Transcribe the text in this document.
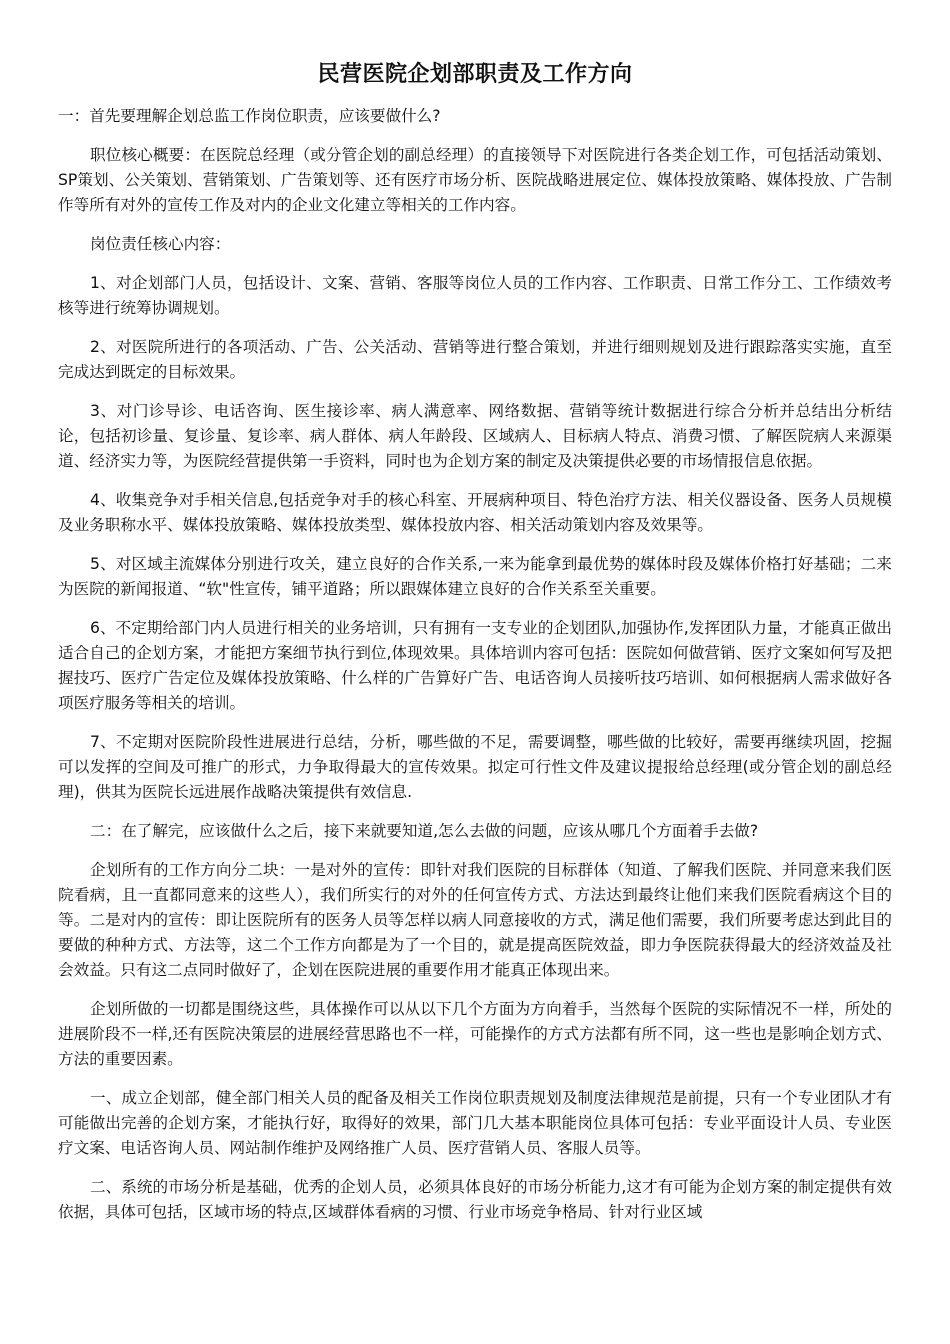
民营医院企划部职责及工作方向

一：首先要理解企划总监工作岗位职责，应该要做什么?

职位核心概要：在医院总经理（或分管企划的副总经理）的直接领导下对医院进行各类企划工作，可包括活动策划、SP策划、公关策划、营销策划、广告策划等、还有医疗市场分析、医院战略进展定位、媒体投放策略、媒体投放、广告制作等所有对外的宣传工作及对内的企业文化建立等相关的工作内容。

岗位责任核心内容：

1、对企划部门人员，包括设计、文案、营销、客服等岗位人员的工作内容、工作职责、日常工作分工、工作绩效考核等进行统筹协调规划。

2、对医院所进行的各项活动、广告、公关活动、营销等进行整合策划，并进行细则规划及进行跟踪落实实施，直至完成达到既定的目标效果。

3、对门诊导诊、电话咨询、医生接诊率、病人满意率、网络数据、营销等统计数据进行综合分析并总结出分析结论，包括初诊量、复诊量、复诊率、病人群体、病人年龄段、区域病人、目标病人特点、消费习惯、了解医院病人来源渠道、经济实力等，为医院经营提供第一手资料，同时也为企划方案的制定及决策提供必要的市场情报信息依据。

4、收集竞争对手相关信息,包括竞争对手的核心科室、开展病种项目、特色治疗方法、相关仪器设备、医务人员规模及业务职称水平、媒体投放策略、媒体投放类型、媒体投放内容、相关活动策划内容及效果等。

5、对区域主流媒体分别进行攻关，建立良好的合作关系,一来为能拿到最优势的媒体时段及媒体价格打好基础；二来为医院的新闻报道、“软"性宣传，铺平道路；所以跟媒体建立良好的合作关系至关重要。

6、不定期给部门内人员进行相关的业务培训，只有拥有一支专业的企划团队,加强协作,发挥团队力量，才能真正做出适合自己的企划方案，才能把方案细节执行到位,体现效果。具体培训内容可包括：医院如何做营销、医疗文案如何写及把握技巧、医疗广告定位及媒体投放策略、什么样的广告算好广告、电话咨询人员接听技巧培训、如何根据病人需求做好各项医疗服务等相关的培训。

7、不定期对医院阶段性进展进行总结，分析，哪些做的不足，需要调整，哪些做的比较好，需要再继续巩固，挖掘可以发挥的空间及可推广的形式，力争取得最大的宣传效果。拟定可行性文件及建议提报给总经理(或分管企划的副总经理)，供其为医院长远进展作战略决策提供有效信息.

二：在了解完，应该做什么之后，接下来就要知道,怎么去做的问题，应该从哪几个方面着手去做?

企划所有的工作方向分二块：一是对外的宣传：即针对我们医院的目标群体（知道、了解我们医院、并同意来我们医院看病，且一直都同意来的这些人），我们所实行的对外的任何宣传方式、方法达到最终让他们来我们医院看病这个目的等。二是对内的宣传：即让医院所有的医务人员等怎样以病人同意接收的方式，满足他们需要，我们所要考虑达到此目的要做的种种方式、方法等，这二个工作方向都是为了一个目的，就是提高医院效益，即力争医院获得最大的经济效益及社会效益。只有这二点同时做好了，企划在医院进展的重要作用才能真正体现出来。

企划所做的一切都是围绕这些，具体操作可以从以下几个方面为方向着手，当然每个医院的实际情况不一样，所处的进展阶段不一样,还有医院决策层的进展经营思路也不一样，可能操作的方式方法都有所不同，这一些也是影响企划方式、方法的重要因素。

一、成立企划部，健全部门相关人员的配备及相关工作岗位职责规划及制度法律规范是前提，只有一个专业团队才有可能做出完善的企划方案，才能执行好，取得好的效果，部门几大基本职能岗位具体可包括：专业平面设计人员、专业医疗文案、电话咨询人员、网站制作维护及网络推广人员、医疗营销人员、客服人员等。

二、系统的市场分析是基础，优秀的企划人员，必须具体良好的市场分析能力,这才有可能为企划方案的制定提供有效依据，具体可包括，区域市场的特点,区域群体看病的习惯、行业市场竞争格局、针对行业区域
